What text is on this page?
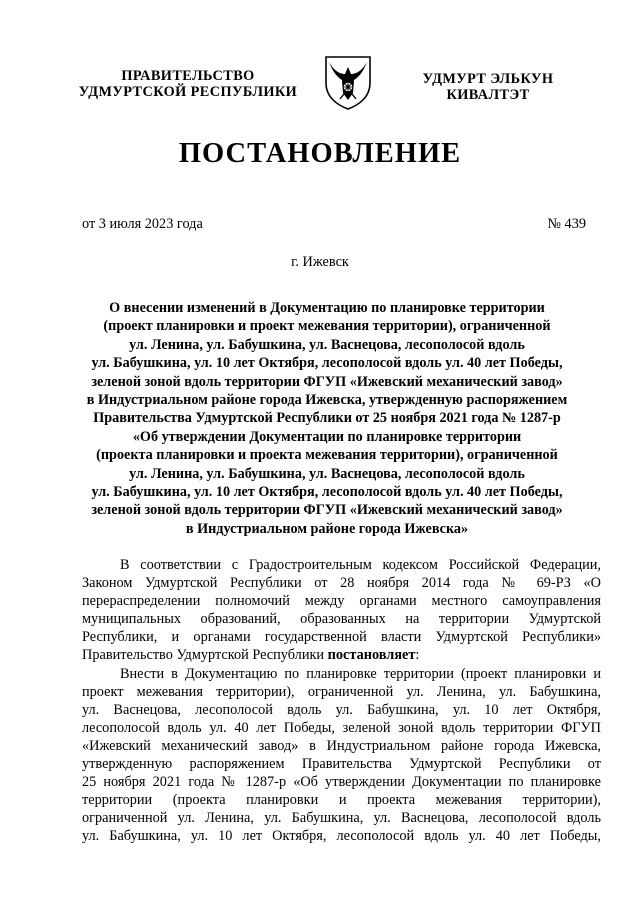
ПРАВИТЕЛЬСТВО
УДМУРТСКОЙ РЕСПУБЛИКИ
УДМУРТ ЭЛЬКУН
КИВАЛТЭТ
ПОСТАНОВЛЕНИЕ
от 3 июля 2023 года	№ 439
г. Ижевск
О внесении изменений в Документацию по планировке территории
(проект планировки и проект межевания территории), ограниченной
ул. Ленина, ул. Бабушкина, ул. Васнецова, лесополосой вдоль
ул. Бабушкина, ул. 10 лет Октября, лесополосой вдоль ул. 40 лет Победы,
зеленой зоной вдоль территории ФГУП «Ижевский механический завод»
в Индустриальном районе города Ижевска, утвержденную распоряжением
Правительства Удмуртской Республики от 25 ноября 2021 года № 1287-р
«Об утверждении Документации по планировке территории
(проекта планировки и проекта межевания территории), ограниченной
ул. Ленина, ул. Бабушкина, ул. Васнецова, лесополосой вдоль
ул. Бабушкина, ул. 10 лет Октября, лесополосой вдоль ул. 40 лет Победы,
зеленой зоной вдоль территории ФГУП «Ижевский механический завод»
в Индустриальном районе города Ижевска»
В соответствии с Градостроительным кодексом Российской Федерации,
Законом Удмуртской Республики от 28 ноября 2014 года № 69-РЗ «О
перераспределении полномочий между органами местного самоуправления
муниципальных образований, образованных на территории Удмуртской
Республики, и органами государственной власти Удмуртской Республики»
Правительство Удмуртской Республики постановляет:
Внести в Документацию по планировке территории (проект планировки и
проект межевания территории), ограниченной ул. Ленина, ул. Бабушкина,
ул. Васнецова, лесополосой вдоль ул. Бабушкина, ул. 10 лет Октября,
лесополосой вдоль ул. 40 лет Победы, зеленой зоной вдоль территории ФГУП
«Ижевский механический завод» в Индустриальном районе города Ижевска,
утвержденную распоряжением Правительства Удмуртской Республики от
25 ноября 2021 года № 1287-р «Об утверждении Документации по планировке
территории (проекта планировки и проекта межевания территории),
ограниченной ул. Ленина, ул. Бабушкина, ул. Васнецова, лесополосой вдоль
ул. Бабушкина, ул. 10 лет Октября, лесополосой вдоль ул. 40 лет Победы,
